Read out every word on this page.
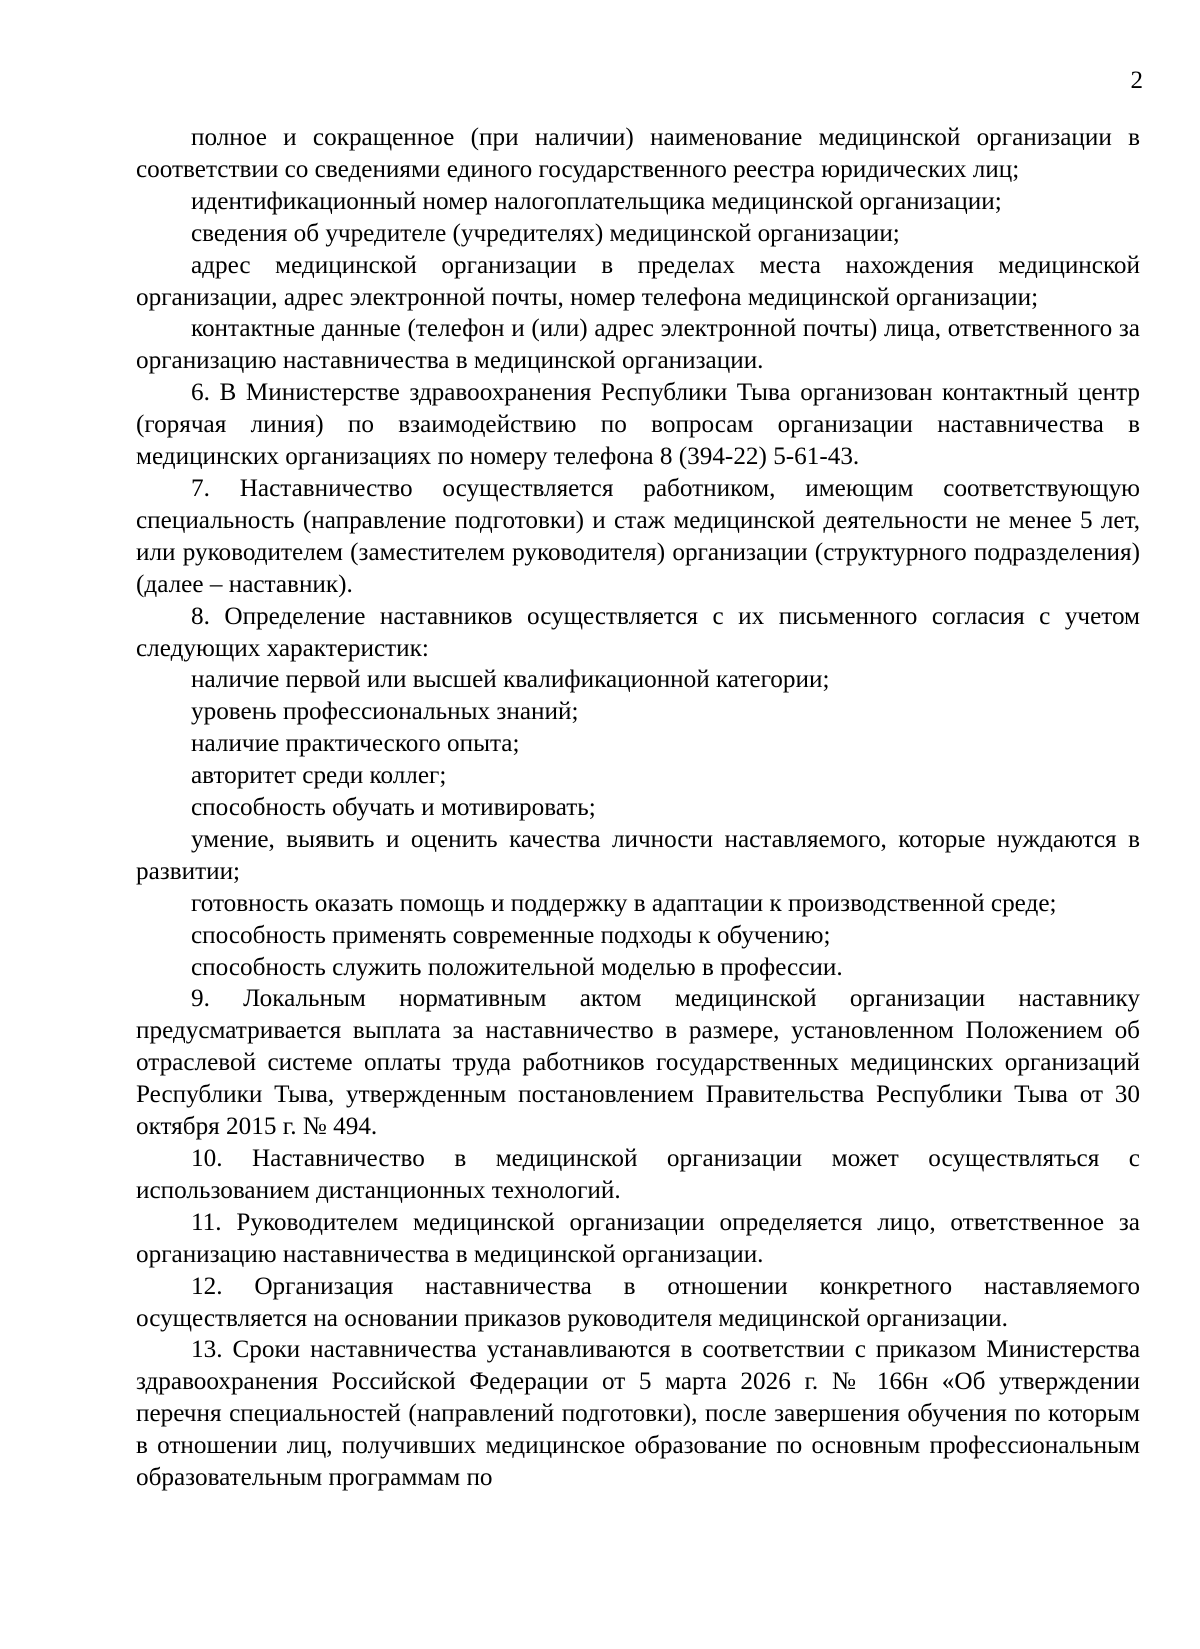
2

полное и сокращенное (при наличии) наименование медицинской организации в соответствии со сведениями единого государственного реестра юридических лиц;

идентификационный номер налогоплательщика медицинской организации;

сведения об учредителе (учредителях) медицинской организации;

адрес медицинской организации в пределах места нахождения медицинской организации, адрес электронной почты, номер телефона медицинской организации;

контактные данные (телефон и (или) адрес электронной почты) лица, ответственного за организацию наставничества в медицинской организации.

6. В Министерстве здравоохранения Республики Тыва организован контактный центр (горячая линия) по взаимодействию по вопросам организации наставничества в медицинских организациях по номеру телефона 8 (394-22) 5-61-43.

7. Наставничество осуществляется работником, имеющим соответствующую специальность (направление подготовки) и стаж медицинской деятельности не менее 5 лет, или руководителем (заместителем руководителя) организации (структурного подразделения) (далее – наставник).

8. Определение наставников осуществляется с их письменного согласия с учетом следующих характеристик:

наличие первой или высшей квалификационной категории;

уровень профессиональных знаний;

наличие практического опыта;

авторитет среди коллег;

способность обучать и мотивировать;

умение, выявить и оценить качества личности наставляемого, которые нуждаются в развитии;

готовность оказать помощь и поддержку в адаптации к производственной среде;

способность применять современные подходы к обучению;

способность служить положительной моделью в профессии.

9. Локальным нормативным актом медицинской организации наставнику предусматривается выплата за наставничество в размере, установленном Положением об отраслевой системе оплаты труда работников государственных медицинских организаций Республики Тыва, утвержденным постановлением Правительства Республики Тыва от 30 октября 2015 г. № 494.

10. Наставничество в медицинской организации может осуществляться с использованием дистанционных технологий.

11. Руководителем медицинской организации определяется лицо, ответственное за организацию наставничества в медицинской организации.

12. Организация наставничества в отношении конкретного наставляемого осуществляется на основании приказов руководителя медицинской организации.

13. Сроки наставничества устанавливаются в соответствии с приказом Министерства здравоохранения Российской Федерации от 5 марта 2026 г. № 166н «Об утверждении перечня специальностей (направлений подготовки), после завершения обучения по которым в отношении лиц, получивших медицинское образование по основным профессиональным образовательным программам по
